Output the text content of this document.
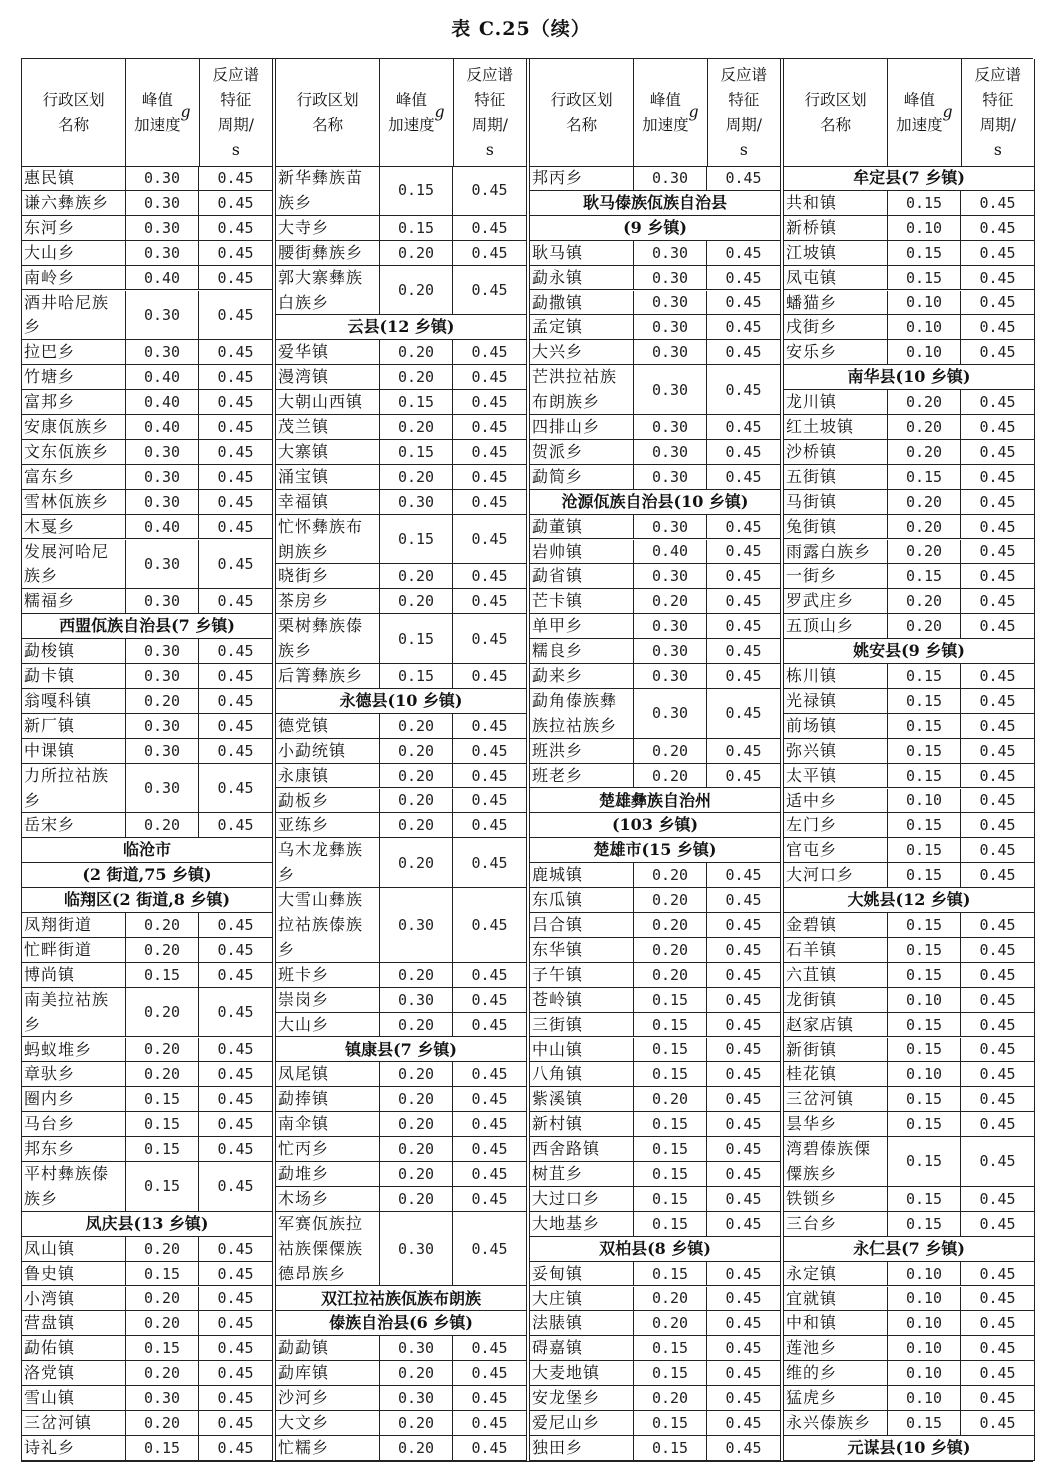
表 C.25（续）
行政区划
名称
峰值
加速度

g
反应谱
特征
周期/
s
惠民镇	0.30	0.45
谦六彝族乡	0.30	0.45
东河乡	0.30	0.45
大山乡	0.30	0.45
南岭乡	0.40	0.45
酒井哈尼族乡
0.30	0.45
拉巴乡	0.30	0.45
竹塘乡	0.40	0.45
富邦乡	0.40	0.45
安康佤族乡	0.40	0.45
文东佤族乡	0.30	0.45
富东乡	0.30	0.45
雪林佤族乡	0.30	0.45
木戛乡	0.40	0.45
发展河哈尼族乡
0.30	0.45
糯福乡	0.30	0.45
西盟佤族自治县(7 乡镇)
勐梭镇	0.30	0.45
勐卡镇	0.30	0.45
翁嘎科镇	0.20	0.45
新厂镇	0.30	0.45
中课镇	0.30	0.45
力所拉祜族乡
0.30	0.45
岳宋乡	0.20	0.45
临沧市
(2 街道,75 乡镇)
临翔区(2 街道,8 乡镇)
凤翔街道	0.20	0.45
忙畔街道	0.20	0.45
博尚镇	0.15	0.45
南美拉祜族乡
0.20	0.45
蚂蚁堆乡	0.20	0.45
章驮乡	0.20	0.45
圈内乡	0.15	0.45
马台乡	0.15	0.45
邦东乡	0.15	0.45
平村彝族傣族乡
0.15	0.45
凤庆县(13 乡镇)
凤山镇	0.20	0.45
鲁史镇	0.15	0.45
小湾镇	0.20	0.45
营盘镇	0.20	0.45
勐佑镇	0.15	0.45
洛党镇	0.20	0.45
雪山镇	0.30	0.45
三岔河镇	0.20	0.45
诗礼乡	0.15	0.45
行政区划
名称
峰值
加速度

g
反应谱
特征
周期/
s
新华彝族苗族乡
0.15	0.45
大寺乡	0.15	0.45
腰街彝族乡	0.20	0.45
郭大寨彝族白族乡
0.20	0.45
云县(12 乡镇)
爱华镇	0.20	0.45
漫湾镇	0.20	0.45
大朝山西镇	0.15	0.45
茂兰镇	0.20	0.45
大寨镇	0.15	0.45
涌宝镇	0.20	0.45
幸福镇	0.30	0.45
忙怀彝族布朗族乡
0.15	0.45
晓街乡	0.20	0.45
茶房乡	0.20	0.45
栗树彝族傣族乡
0.15	0.45
后箐彝族乡	0.15	0.45
永德县(10 乡镇)
德党镇	0.20	0.45
小勐统镇	0.20	0.45
永康镇	0.20	0.45
勐板乡	0.20	0.45
亚练乡	0.20	0.45
乌木龙彝族乡
0.20	0.45
大雪山彝族拉祜族傣族乡
0.30	0.45
班卡乡	0.20	0.45
崇岗乡	0.30	0.45
大山乡	0.20	0.45
镇康县(7 乡镇)
凤尾镇	0.20	0.45
勐捧镇	0.20	0.45
南伞镇	0.20	0.45
忙丙乡	0.20	0.45
勐堆乡	0.20	0.45
木场乡	0.20	0.45
军赛佤族拉祜族傈僳族德昂族乡
0.30	0.45
双江拉祜族佤族布朗族
傣族自治县(6 乡镇)
勐勐镇	0.30	0.45
勐库镇	0.20	0.45
沙河乡	0.30	0.45
大文乡	0.20	0.45
忙糯乡	0.20	0.45
行政区划
名称
峰值
加速度

g
反应谱
特征
周期/
s
邦丙乡	0.30	0.45
耿马傣族佤族自治县
(9 乡镇)
耿马镇	0.30	0.45
勐永镇	0.30	0.45
勐撒镇	0.30	0.45
孟定镇	0.30	0.45
大兴乡	0.30	0.45
芒洪拉祜族布朗族乡
0.30	0.45
四排山乡	0.30	0.45
贺派乡	0.30	0.45
勐简乡	0.30	0.45
沧源佤族自治县(10 乡镇)
勐董镇	0.30	0.45
岩帅镇	0.40	0.45
勐省镇	0.30	0.45
芒卡镇	0.20	0.45
单甲乡	0.30	0.45
糯良乡	0.30	0.45
勐来乡	0.30	0.45
勐角傣族彝族拉祜族乡
0.30	0.45
班洪乡	0.20	0.45
班老乡	0.20	0.45
楚雄彝族自治州
(103 乡镇)
楚雄市(15 乡镇)
鹿城镇	0.20	0.45
东瓜镇	0.20	0.45
吕合镇	0.20	0.45
东华镇	0.20	0.45
子午镇	0.20	0.45
苍岭镇	0.15	0.45
三街镇	0.15	0.45
中山镇	0.15	0.45
八角镇	0.15	0.45
紫溪镇	0.20	0.45
新村镇	0.15	0.45
西舍路镇	0.15	0.45
树苴乡	0.15	0.45
大过口乡	0.15	0.45
大地基乡	0.15	0.45
双柏县(8 乡镇)
妥甸镇	0.15	0.45
大庄镇	0.20	0.45
法脿镇	0.20	0.45
碍嘉镇	0.15	0.45
大麦地镇	0.15	0.45
安龙堡乡	0.20	0.45
爱尼山乡	0.15	0.45
独田乡	0.15	0.45
行政区划
名称
峰值
加速度

g
反应谱
特征
周期/
s
牟定县(7 乡镇)
共和镇	0.15	0.45
新桥镇	0.10	0.45
江坡镇	0.15	0.45
凤屯镇	0.15	0.45
蟠猫乡	0.10	0.45
戌街乡	0.10	0.45
安乐乡	0.10	0.45
南华县(10 乡镇)
龙川镇	0.20	0.45
红土坡镇	0.20	0.45
沙桥镇	0.20	0.45
五街镇	0.15	0.45
马街镇	0.20	0.45
兔街镇	0.20	0.45
雨露白族乡	0.20	0.45
一街乡	0.15	0.45
罗武庄乡	0.20	0.45
五顶山乡	0.20	0.45
姚安县(9 乡镇)
栋川镇	0.15	0.45
光禄镇	0.15	0.45
前场镇	0.15	0.45
弥兴镇	0.15	0.45
太平镇	0.15	0.45
适中乡	0.10	0.45
左门乡	0.15	0.45
官屯乡	0.15	0.45
大河口乡	0.15	0.45
大姚县(12 乡镇)
金碧镇	0.15	0.45
石羊镇	0.15	0.45
六苴镇	0.15	0.45
龙街镇	0.10	0.45
赵家店镇	0.15	0.45
新街镇	0.15	0.45
桂花镇	0.10	0.45
三岔河镇	0.15	0.45
昙华乡	0.15	0.45
湾碧傣族傈僳族乡
0.15	0.45
铁锁乡	0.15	0.45
三台乡	0.15	0.45
永仁县(7 乡镇)
永定镇	0.10	0.45
宜就镇	0.10	0.45
中和镇	0.10	0.45
莲池乡	0.10	0.45
维的乡	0.10	0.45
猛虎乡	0.10	0.45
永兴傣族乡	0.15	0.45
元谋县(10 乡镇)
